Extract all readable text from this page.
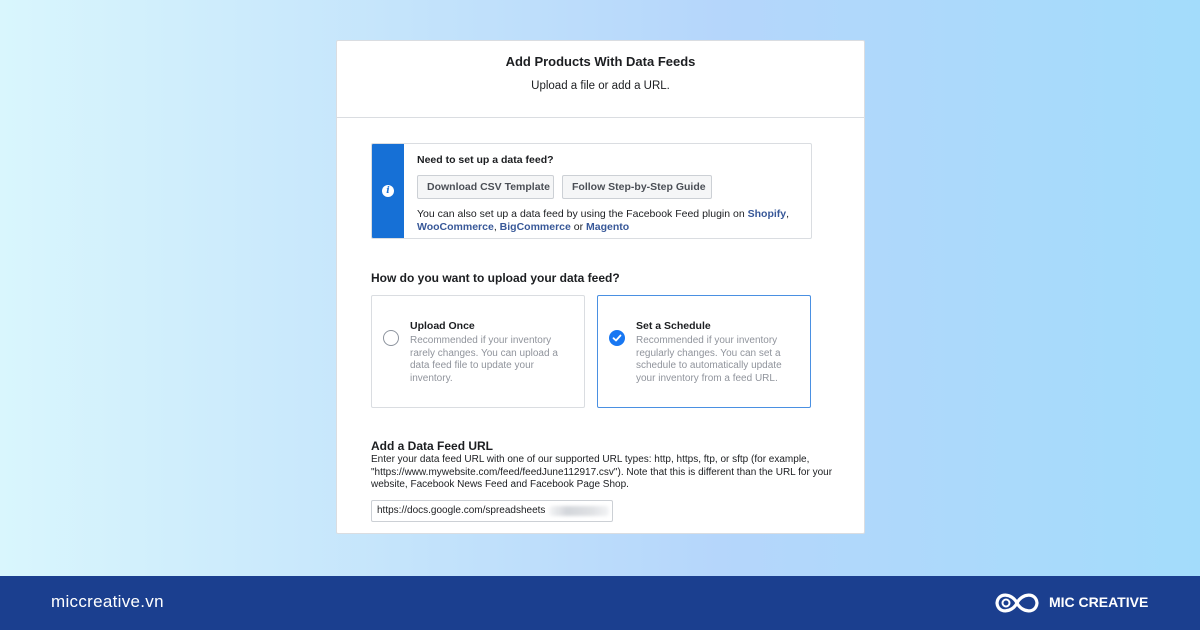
Add Products With Data Feeds
Upload a file or add a URL.
i
Need to set up a data feed?
Download CSV Template	Follow Step-by-Step Guide
You can also set up a data feed by using the Facebook Feed plugin on Shopify, WooCommerce, BigCommerce or Magento
How do you want to upload your data feed?
Upload Once
Recommended if your inventory rarely changes. You can upload a data feed file to update your inventory.
Set a Schedule
Recommended if your inventory regularly changes. You can set a schedule to automatically update your inventory from a feed URL.
Add a Data Feed URL
Enter your data feed URL with one of our supported URL types: http, https, ftp, or sftp (for example, "https://www.mywebsite.com/feed/feedJune112917.csv"). Note that this is different than the URL for your website, Facebook News Feed and Facebook Page Shop.
https://docs.google.com/spreadsheets
miccreative.vn	MIC CREATIVE
